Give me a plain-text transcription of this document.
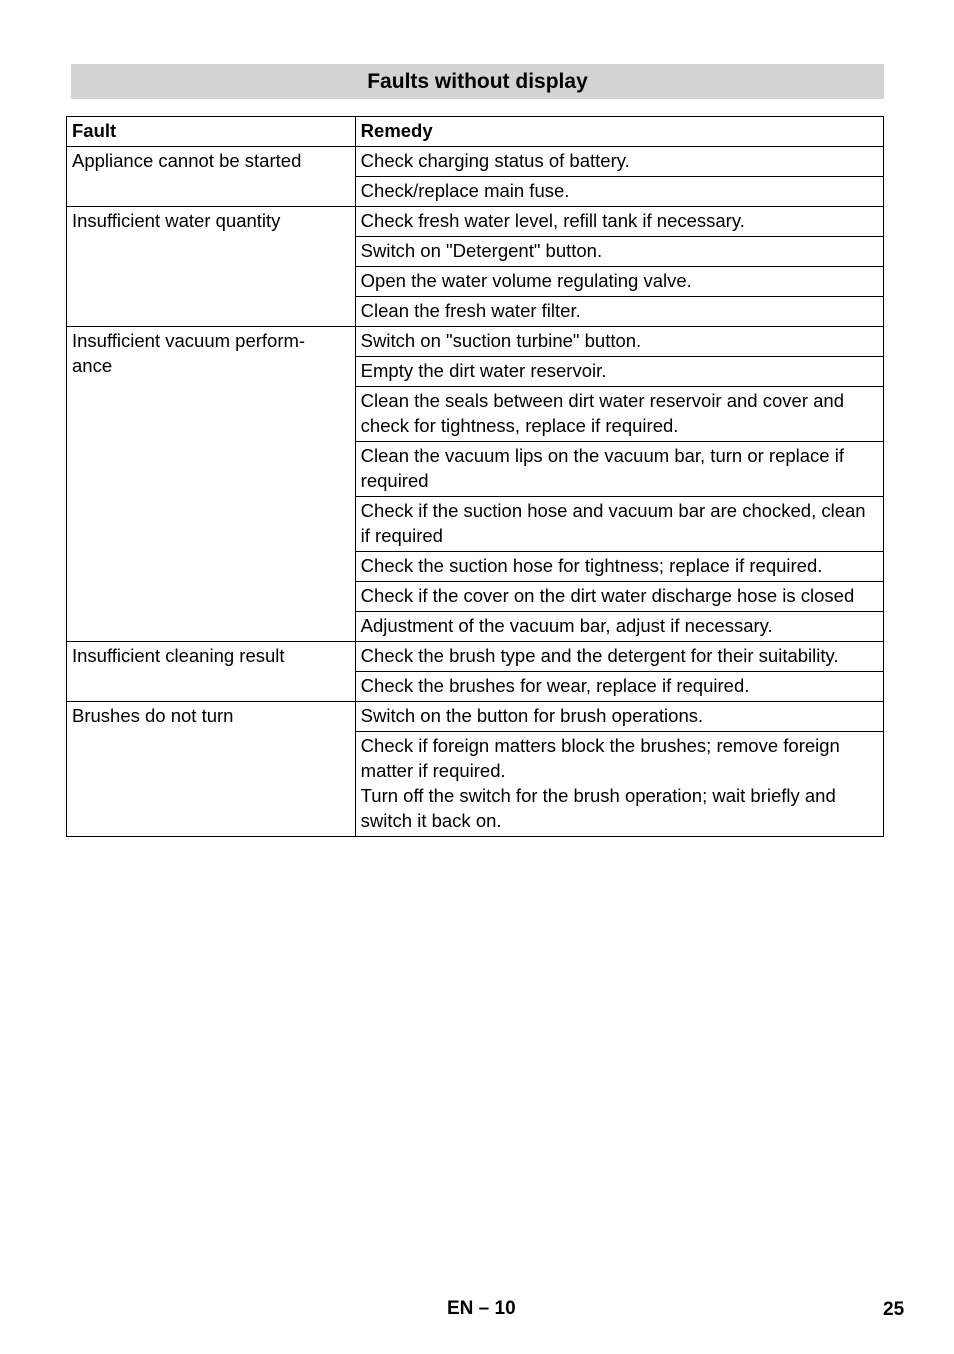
Faults without display
Fault	Remedy
Appliance cannot be started	Check charging status of battery.
	Check/replace main fuse.
Insufficient water quantity	Check fresh water level, refill tank if necessary.
	Switch on "Detergent" button.
	Open the water volume regulating valve.
	Clean the fresh water filter.
Insufficient vacuum perform-
ance	Switch on "suction turbine" button.
	Empty the dirt water reservoir.
	Clean the seals between dirt water reservoir and cover and check for tightness, replace if required.
	Clean the vacuum lips on the vacuum bar, turn or replace if required
	Check if the suction hose and vacuum bar are chocked, clean if required
	Check the suction hose for tightness; replace if required.
	Check if the cover on the dirt water discharge hose is closed
	Adjustment of the vacuum bar, adjust if necessary.
Insufficient cleaning result	Check the brush type and the detergent for their suitability.
	Check the brushes for wear, replace if required.
Brushes do not turn	Switch on the button for brush operations.
	Check if foreign matters block the brushes; remove foreign matter if required.
Turn off the switch for the brush operation; wait briefly and switch it back on.
EN – 10	25
